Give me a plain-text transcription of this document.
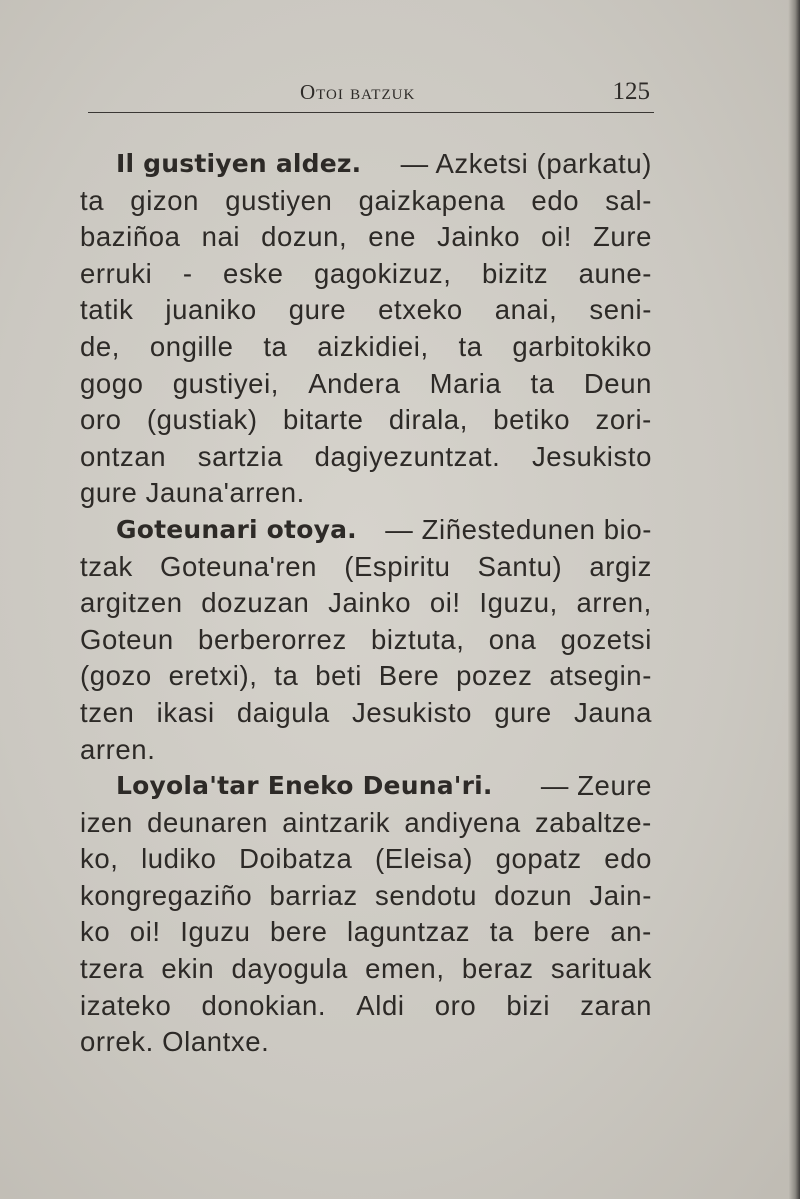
Otoi batzuk	125
Il gustiyen aldez.	— Azketsi (parkatu)
ta gizon gustiyen gaizkapena edo sal-
baziñoa nai dozun, ene Jainko oi! Zure
erruki - eske gagokizuz, bizitz aune-
tatik juaniko gure etxeko anai, seni-
de, ongille ta aizkidiei, ta garbitokiko
gogo gustiyei, Andera Maria ta Deun
oro (gustiak) bitarte dirala, betiko zori-
ontzan sartzia dagiyezuntzat. Jesukisto
gure Jauna'arren.
Goteunari otoya.	— Ziñestedunen bio-
tzak Goteuna'ren (Espiritu Santu) argiz
argitzen dozuzan Jainko oi! Iguzu, arren,
Goteun berberorrez biztuta, ona gozetsi
(gozo eretxi), ta beti Bere pozez atsegin-
tzen ikasi daigula Jesukisto gure Jauna
arren.
Loyola'tar Eneko Deuna'ri.	— Zeure
izen deunaren aintzarik andiyena zabaltze-
ko, ludiko Doibatza (Eleisa) gopatz edo
kongregaziño barriaz sendotu dozun Jain-
ko oi! Iguzu bere laguntzaz ta bere an-
tzera ekin dayogula emen, beraz sarituak
izateko donokian. Aldi oro bizi zaran
orrek. Olantxe.
